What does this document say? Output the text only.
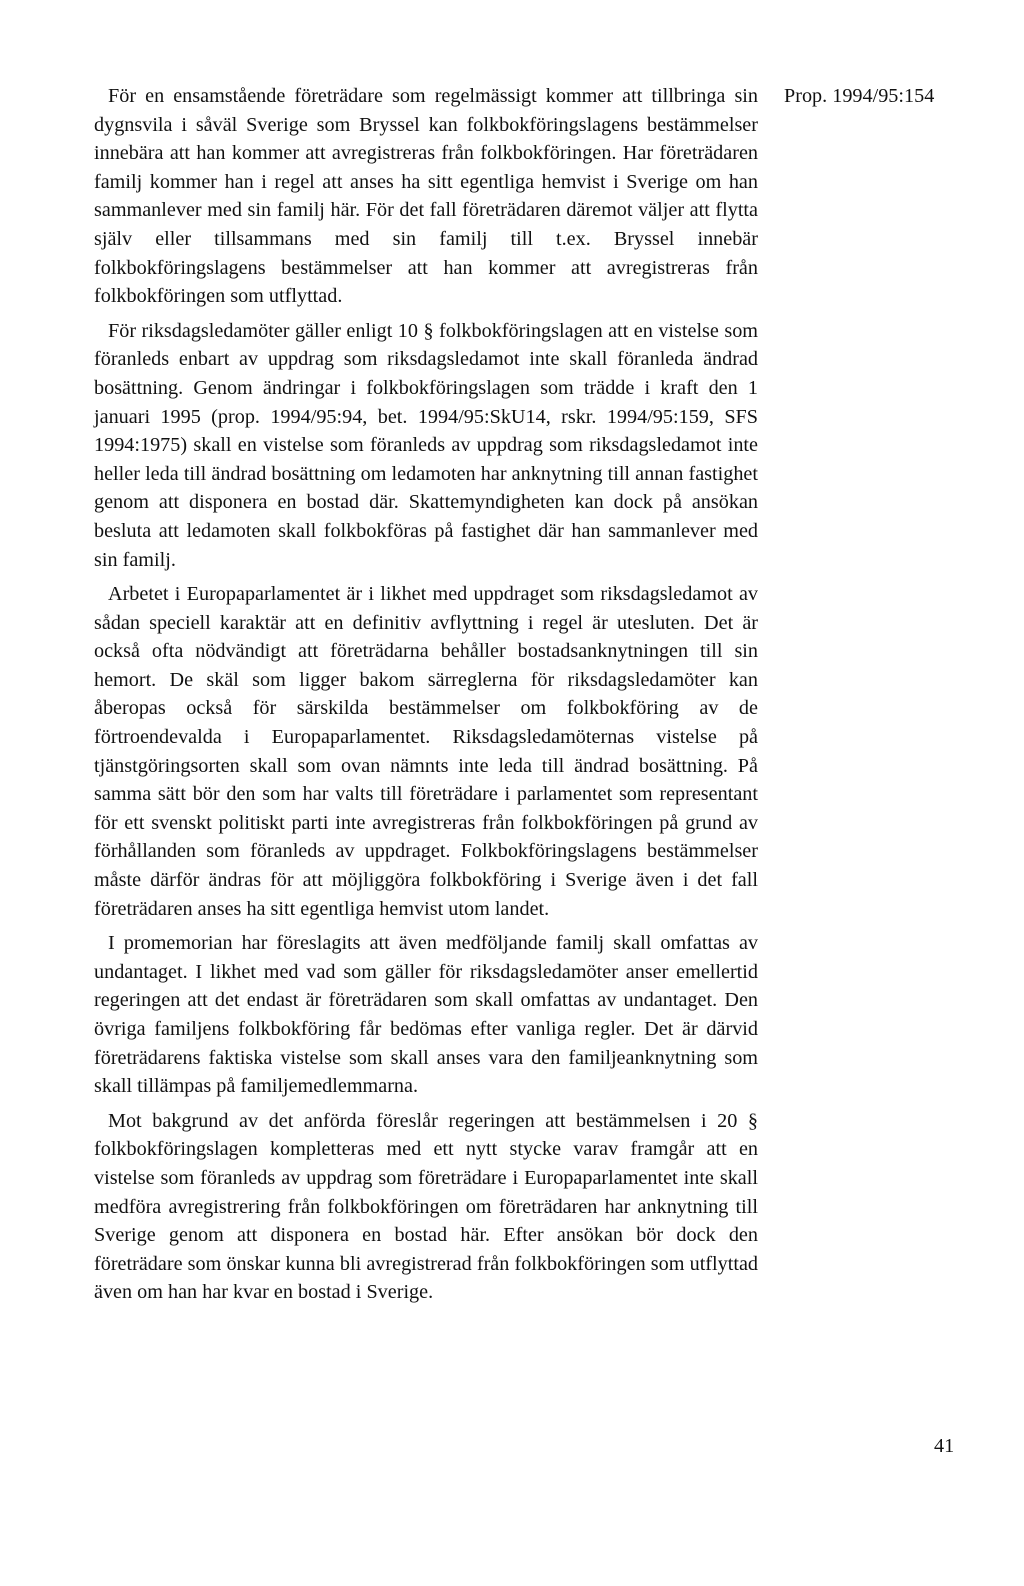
För en ensamstående företrädare som regelmässigt kommer att tillbringa sin dygnsvila i såväl Sverige som Bryssel kan folkbokföringslagens bestämmelser innebära att han kommer att avregistreras från folkbokföringen. Har företrädaren familj kommer han i regel att anses ha sitt egentliga hemvist i Sverige om han sammanlever med sin familj här. För det fall företrädaren däremot väljer att flytta själv eller tillsammans med sin familj till t.ex. Bryssel innebär folkbokföringslagens bestämmelser att han kommer att avregistreras från folkbokföringen som utflyttad.

För riksdagsledamöter gäller enligt 10 § folkbokföringslagen att en vistelse som föranleds enbart av uppdrag som riksdagsledamot inte skall föranleda ändrad bosättning. Genom ändringar i folkbokföringslagen som trädde i kraft den 1 januari 1995 (prop. 1994/95:94, bet. 1994/95:SkU14, rskr. 1994/95:159, SFS 1994:1975) skall en vistelse som föranleds av uppdrag som riksdagsledamot inte heller leda till ändrad bosättning om ledamoten har anknytning till annan fastighet genom att disponera en bostad där. Skattemyndigheten kan dock på ansökan besluta att ledamoten skall folkbokföras på fastighet där han sammanlever med sin familj.

Arbetet i Europaparlamentet är i likhet med uppdraget som riksdagsledamot av sådan speciell karaktär att en definitiv avflyttning i regel är utesluten. Det är också ofta nödvändigt att företrädarna behåller bostadsanknytningen till sin hemort. De skäl som ligger bakom särreglerna för riksdagsledamöter kan åberopas också för särskilda bestämmelser om folkbokföring av de förtroendevalda i Europaparlamentet. Riksdagsledamöternas vistelse på tjänstgöringsorten skall som ovan nämnts inte leda till ändrad bosättning. På samma sätt bör den som har valts till företrädare i parlamentet som representant för ett svenskt politiskt parti inte avregistreras från folkbokföringen på grund av förhållanden som föranleds av uppdraget. Folkbokföringslagens bestämmelser måste därför ändras för att möjliggöra folkbokföring i Sverige även i det fall företrädaren anses ha sitt egentliga hemvist utom landet.

I promemorian har föreslagits att även medföljande familj skall omfattas av undantaget. I likhet med vad som gäller för riksdagsledamöter anser emellertid regeringen att det endast är företrädaren som skall omfattas av undantaget. Den övriga familjens folkbokföring får bedömas efter vanliga regler. Det är därvid företrädarens faktiska vistelse som skall anses vara den familjeanknytning som skall tillämpas på familjemedlemmarna.

Mot bakgrund av det anförda föreslår regeringen att bestämmelsen i 20 § folkbokföringslagen kompletteras med ett nytt stycke varav framgår att en vistelse som föranleds av uppdrag som företrädare i Europaparlamentet inte skall medföra avregistrering från folkbokföringen om företrädaren har anknytning till Sverige genom att disponera en bostad här. Efter ansökan bör dock den företrädare som önskar kunna bli avregistrerad från folkbokföringen som utflyttad även om han har kvar en bostad i Sverige.

Prop. 1994/95:154
41
